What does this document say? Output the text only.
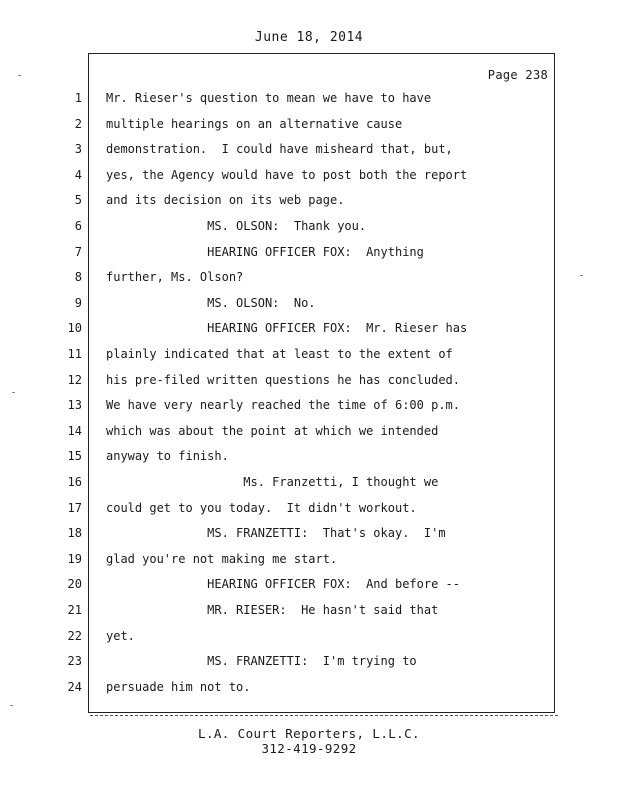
June 18, 2014
Page 238
1 Mr. Rieser's question to mean we have to have
2 multiple hearings on an alternative cause
3 demonstration.  I could have misheard that, but,
4 yes, the Agency would have to post both the report
5 and its decision on its web page.
6 MS. OLSON:  Thank you.
7 HEARING OFFICER FOX:  Anything
8 further, Ms. Olson?
9 MS. OLSON:  No.
10 HEARING OFFICER FOX:  Mr. Rieser has
11 plainly indicated that at least to the extent of
12 his pre-filed written questions he has concluded.
13 We have very nearly reached the time of 6:00 p.m.
14 which was about the point at which we intended
15 anyway to finish.
16 Ms. Franzetti, I thought we
17 could get to you today.  It didn't workout.
18 MS. FRANZETTI:  That's okay.  I'm
19 glad you're not making me start.
20 HEARING OFFICER FOX:  And before --
21 MR. RIESER:  He hasn't said that
22 yet.
23 MS. FRANZETTI:  I'm trying to
24 persuade him not to.
L.A. Court Reporters, L.L.C.
312-419-9292
